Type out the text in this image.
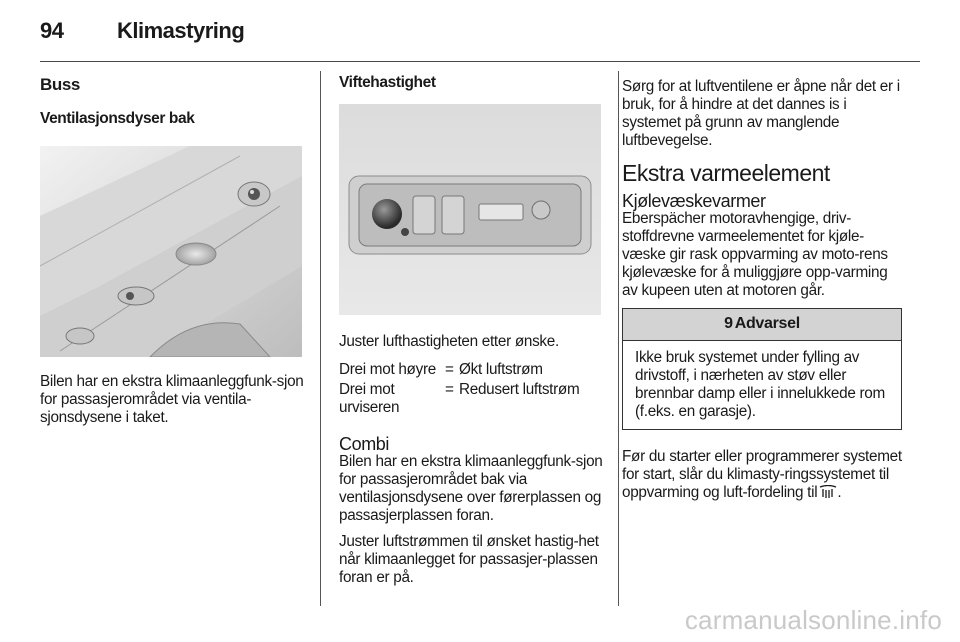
94 Klimastyring
Buss
Ventilasjonsdyser bak

Bilen har en ekstra klimaanleggfunk-sjon for passasjerområdet via ventila-sjonsdysene i taket.

Viftehastighet

Juster lufthastigheten etter ønske.

Drei mot høyre	=	Økt luftstrøm
Drei mot urviseren	=	Redusert luftstrøm
Combi

Bilen har en ekstra klimaanleggfunk-sjon for passasjerområdet bak via ventilasjonsdysene over førerplassen og passasjerplassen foran.

Juster luftstrømmen til ønsket hastig-het når klimaanlegget for passasjer-plassen foran er på.

Sørg for at luftventilene er åpne når det er i bruk, for å hindre at det dannes is i systemet på grunn av manglende luftbevegelse.

Ekstra varmeelement
Kjølevæskevarmer

Eberspächer motoravhengige, driv-stoffdrevne varmeelementet for kjøle-væske gir rask oppvarming av moto-rens kjølevæske for å muliggjøre opp-varming av kupeen uten at motoren går.

9 Advarsel
Ikke bruk systemet under fylling av drivstoff, i nærheten av støv eller brennbar damp eller i innelukkede rom (f.eks. en garasje).

Før du starter eller programmerer systemet for start, slår du klimasty-ringssystemet til oppvarming og luft-fordeling til .

carmanualsonline.info
